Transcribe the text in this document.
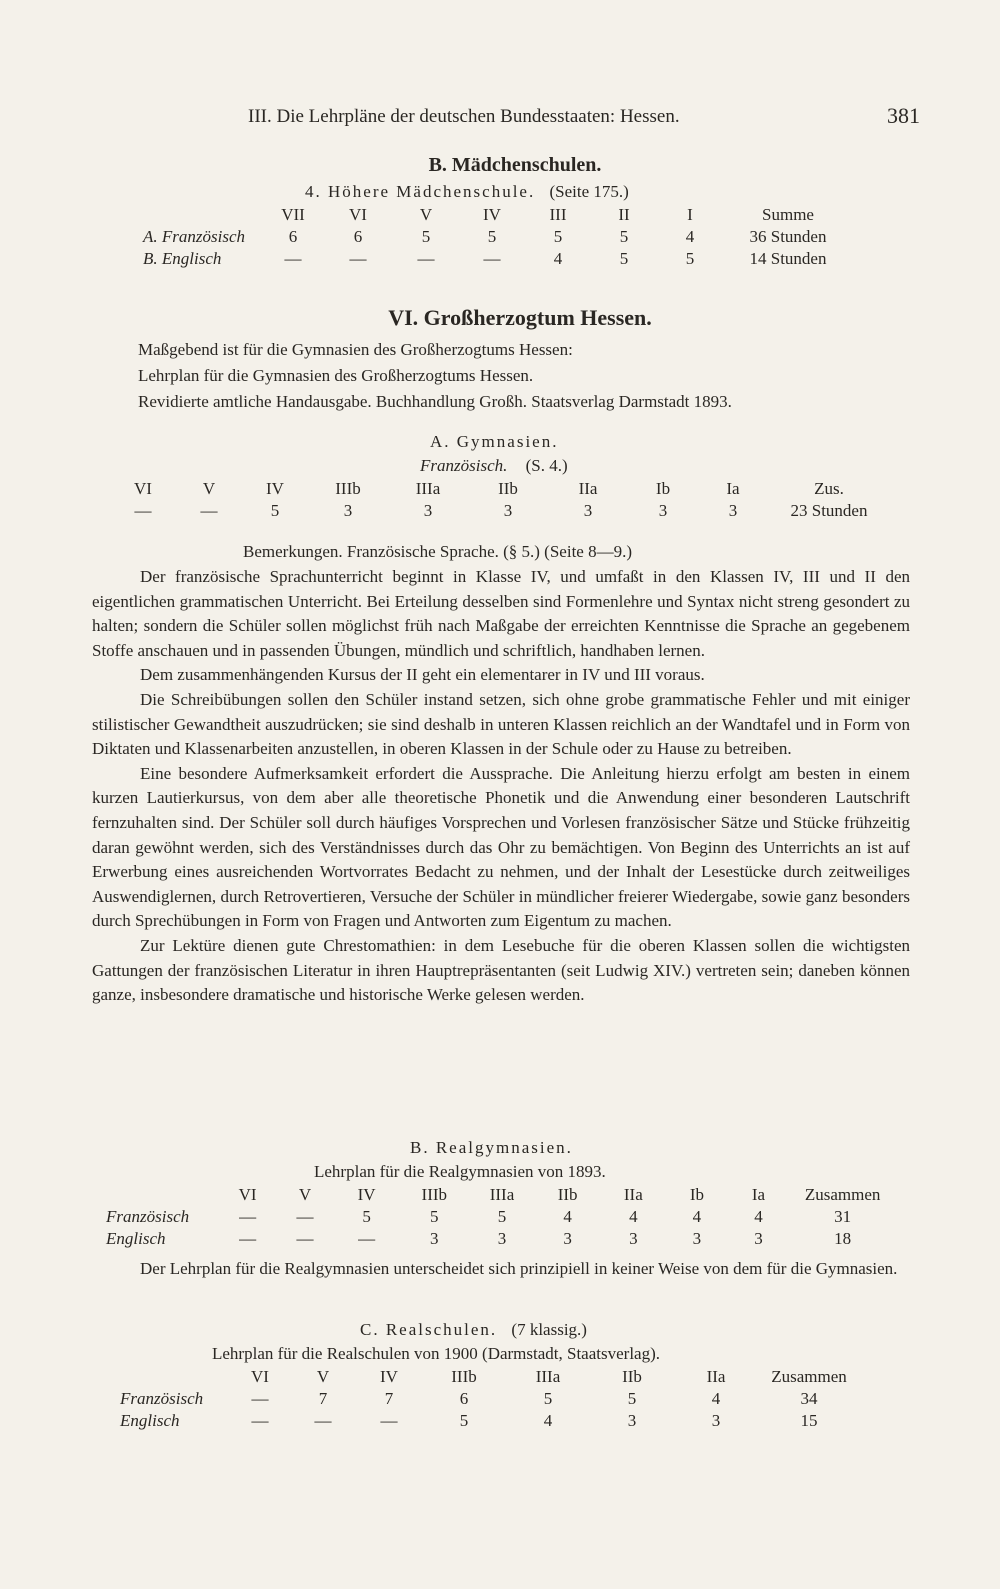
III. Die Lehrpläne der deutschen Bundesstaaten: Hessen.	381
B. Mädchenschulen.
4. Höhere Mädchenschule. (Seite 175.)
	VII	VI	V	IV	III	II	I	Summe
A. Französisch	6	6	5	5	5	5	4	36 Stunden
B. Englisch	—	—	—	—	4	5	5	14 Stunden
VI. Großherzogtum Hessen.
Maßgebend ist für die Gymnasien des Großherzogtums Hessen:
Lehrplan für die Gymnasien des Großherzogtums Hessen.
Revidierte amtliche Handausgabe. Buchhandlung Großh. Staatsverlag Darmstadt 1893.
A. Gymnasien.
Französisch. (S. 4.)
VI	V	IV	IIIb	IIIa	IIb	IIa	Ib	Ia	Zus.
—	—	5	3	3	3	3	3	3	23 Stunden
Bemerkungen. Französische Sprache. (§ 5.) (Seite 8—9.)

Der französische Sprachunterricht beginnt in Klasse IV, und umfaßt in den Klassen IV, III und II den eigentlichen grammatischen Unterricht. Bei Erteilung desselben sind Formenlehre und Syntax nicht streng gesondert zu halten; sondern die Schüler sollen möglichst früh nach Maßgabe der erreichten Kenntnisse die Sprache an gegebenem Stoffe anschauen und in passenden Übungen, mündlich und schriftlich, handhaben lernen.

Dem zusammenhängenden Kursus der II geht ein elementarer in IV und III voraus.

Die Schreibübungen sollen den Schüler instand setzen, sich ohne grobe grammatische Fehler und mit einiger stilistischer Gewandtheit auszudrücken; sie sind deshalb in unteren Klassen reichlich an der Wandtafel und in Form von Diktaten und Klassenarbeiten anzustellen, in oberen Klassen in der Schule oder zu Hause zu betreiben.

Eine besondere Aufmerksamkeit erfordert die Aussprache. Die Anleitung hierzu erfolgt am besten in einem kurzen Lautierkursus, von dem aber alle theoretische Phonetik und die Anwendung einer besonderen Lautschrift fernzuhalten sind. Der Schüler soll durch häufiges Vorsprechen und Vorlesen französischer Sätze und Stücke frühzeitig daran gewöhnt werden, sich des Verständnisses durch das Ohr zu bemächtigen. Von Beginn des Unterrichts an ist auf Erwerbung eines ausreichenden Wortvorrates Bedacht zu nehmen, und der Inhalt der Lesestücke durch zeitweiliges Auswendiglernen, durch Retrovertieren, Versuche der Schüler in mündlicher freierer Wiedergabe, sowie ganz besonders durch Sprechübungen in Form von Fragen und Antworten zum Eigentum zu machen.

Zur Lektüre dienen gute Chrestomathien: in dem Lesebuche für die oberen Klassen sollen die wichtigsten Gattungen der französischen Literatur in ihren Hauptrepräsentanten (seit Ludwig XIV.) vertreten sein; daneben können ganze, insbesondere dramatische und historische Werke gelesen werden.

B. Realgymnasien.
Lehrplan für die Realgymnasien von 1893.
	VI	V	IV	IIIb	IIIa	IIb	IIa	Ib	Ia	Zusammen
Französisch	—	—	5	5	5	4	4	4	4	31
Englisch	—	—	—	3	3	3	3	3	3	18

Der Lehrplan für die Realgymnasien unterscheidet sich prinzipiell in keiner Weise von dem für die Gymnasien.

C. Realschulen. (7 klassig.)
Lehrplan für die Realschulen von 1900 (Darmstadt, Staatsverlag).
	VI	V	IV	IIIb	IIIa	IIb	IIa	Zusammen
Französisch	—	7	7	6	5	5	4	34
Englisch	—	—	—	5	4	3	3	15
